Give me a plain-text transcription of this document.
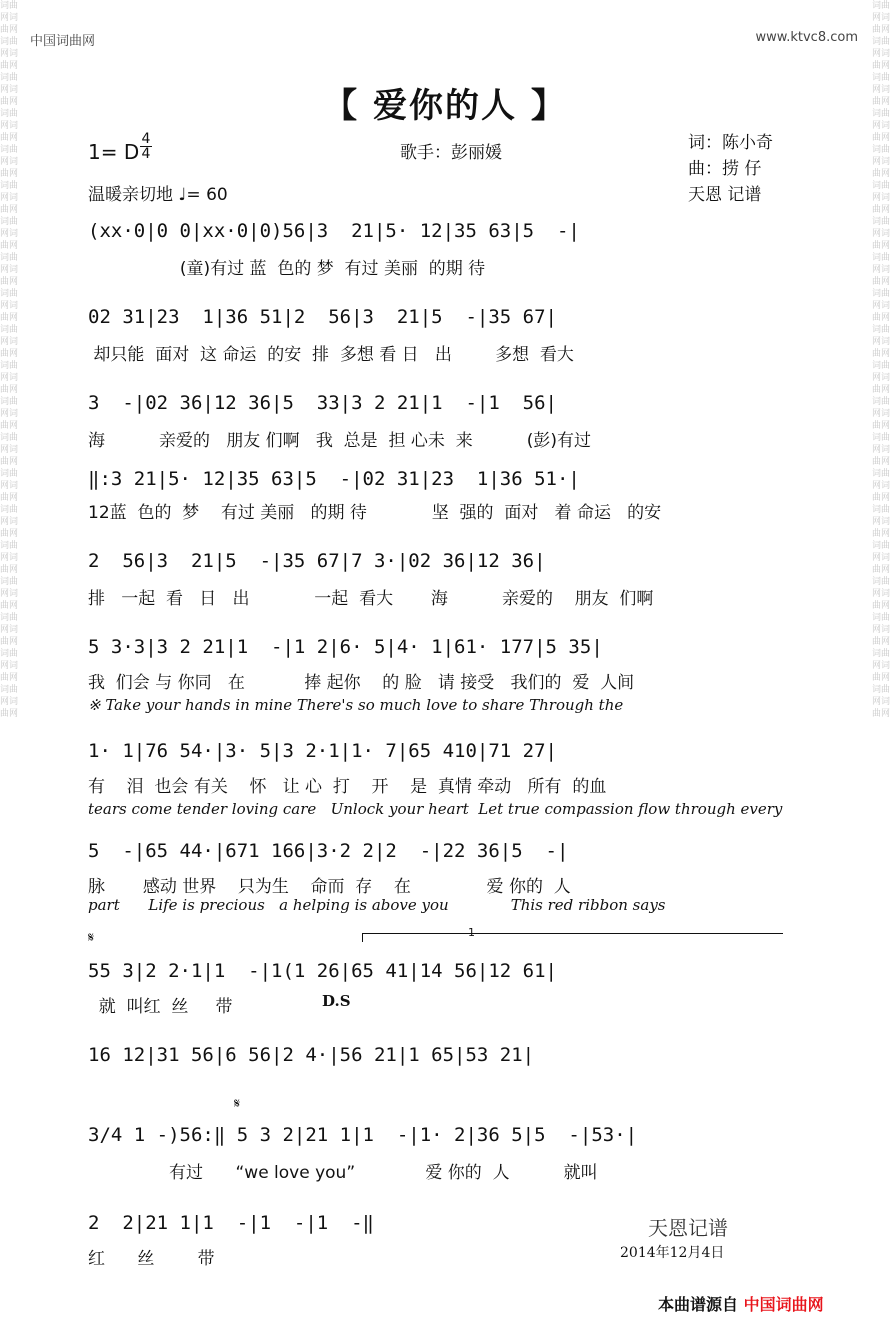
词曲网词曲网词曲网词曲网词曲网词曲网词曲网词曲网词曲网词曲网词曲网词曲网词曲网词曲网词曲网词曲网词曲网词曲网词曲网词曲网词曲网词曲网词曲网词曲网词曲网词曲网词曲网词曲网词曲网词曲网词曲网词曲网词曲网词曲网词曲网词曲网词曲网词曲网词曲网词曲网
词曲网词曲网词曲网词曲网词曲网词曲网词曲网词曲网词曲网词曲网词曲网词曲网词曲网词曲网词曲网词曲网词曲网词曲网词曲网词曲网词曲网词曲网词曲网词曲网词曲网词曲网词曲网词曲网词曲网词曲网词曲网词曲网词曲网词曲网词曲网词曲网词曲网词曲网词曲网词曲网
中国词曲网	www.ktvc8.com
【 爱你的人 】
1= D
4
4
温暖亲切地 ♩= 60
歌手：彭丽媛	词：陈小奇
曲：捞 仔
天恩 记谱
(xx·0|0 0|xx·0|0)56|3  21|5· 12|35 63|5  -|
(童)有过 蓝  色的 梦  有过 美丽  的期 待
02 31|23  1|36 51|2  56|3  21|5  -|35 67|
却只能  面对  这 命运  的安  排  多想 看 日   出        多想  看大
3  -|02 36|12 36|5  33|3 2 21|1  -|1  56|
海          亲爱的   朋友 们啊   我  总是  担 心未  来          (彭)有过
‖:3 21|5· 12|35 63|5  -|02 31|23  1|36 51·|
12蓝  色的  梦    有过 美丽   的期 待            坚  强的  面对   着 命运   的安
2  56|3  21|5  -|35 67|7 3·|02 36|12 36|
排   一起  看   日   出            一起  看大       海          亲爱的    朋友  们啊
5 3·3|3 2 21|1  -|1 2|6· 5|4· 1|61· 177|5 35|
我  们会 与 你同   在           捧 起你    的 脸   请 接受   我们的  爱  人间
※ Take your hands in mine There's so much love to share Through the
1· 1|76 54·|3· 5|3 2·1|1· 7|65 410|71 27|
有    泪  也会 有关    怀   让 心  打    开    是  真情 牵动   所有  的血
tears come tender loving care   Unlock your heart  Let true compassion flow through every
5  -|65 44·|671 166|3·2 2|2  -|22 36|5  -|
脉       感动 世界    只为生    命而  存    在              爱 你的  人
part      Life is precious   a helping is above you             This red ribbon says
𝄋	1
55 3|2 2·1|1  -|1(1 26|65 41|14 56|12 61|
就  叫红  丝     带	D.S
16 12|31 56|6 56|2 4·|56 21|1 65|53 21|
𝄋
3/4 1 -)56:‖ 5 3 2|21 1|1  -|1· 2|36 5|5  -|53·|
有过      “we love you”             爱 你的  人          就叫
2  2|21 1|1  -|1  -|1  -‖
红      丝        带
天恩记谱
2014年12月4日
本曲谱源自 中国词曲网
